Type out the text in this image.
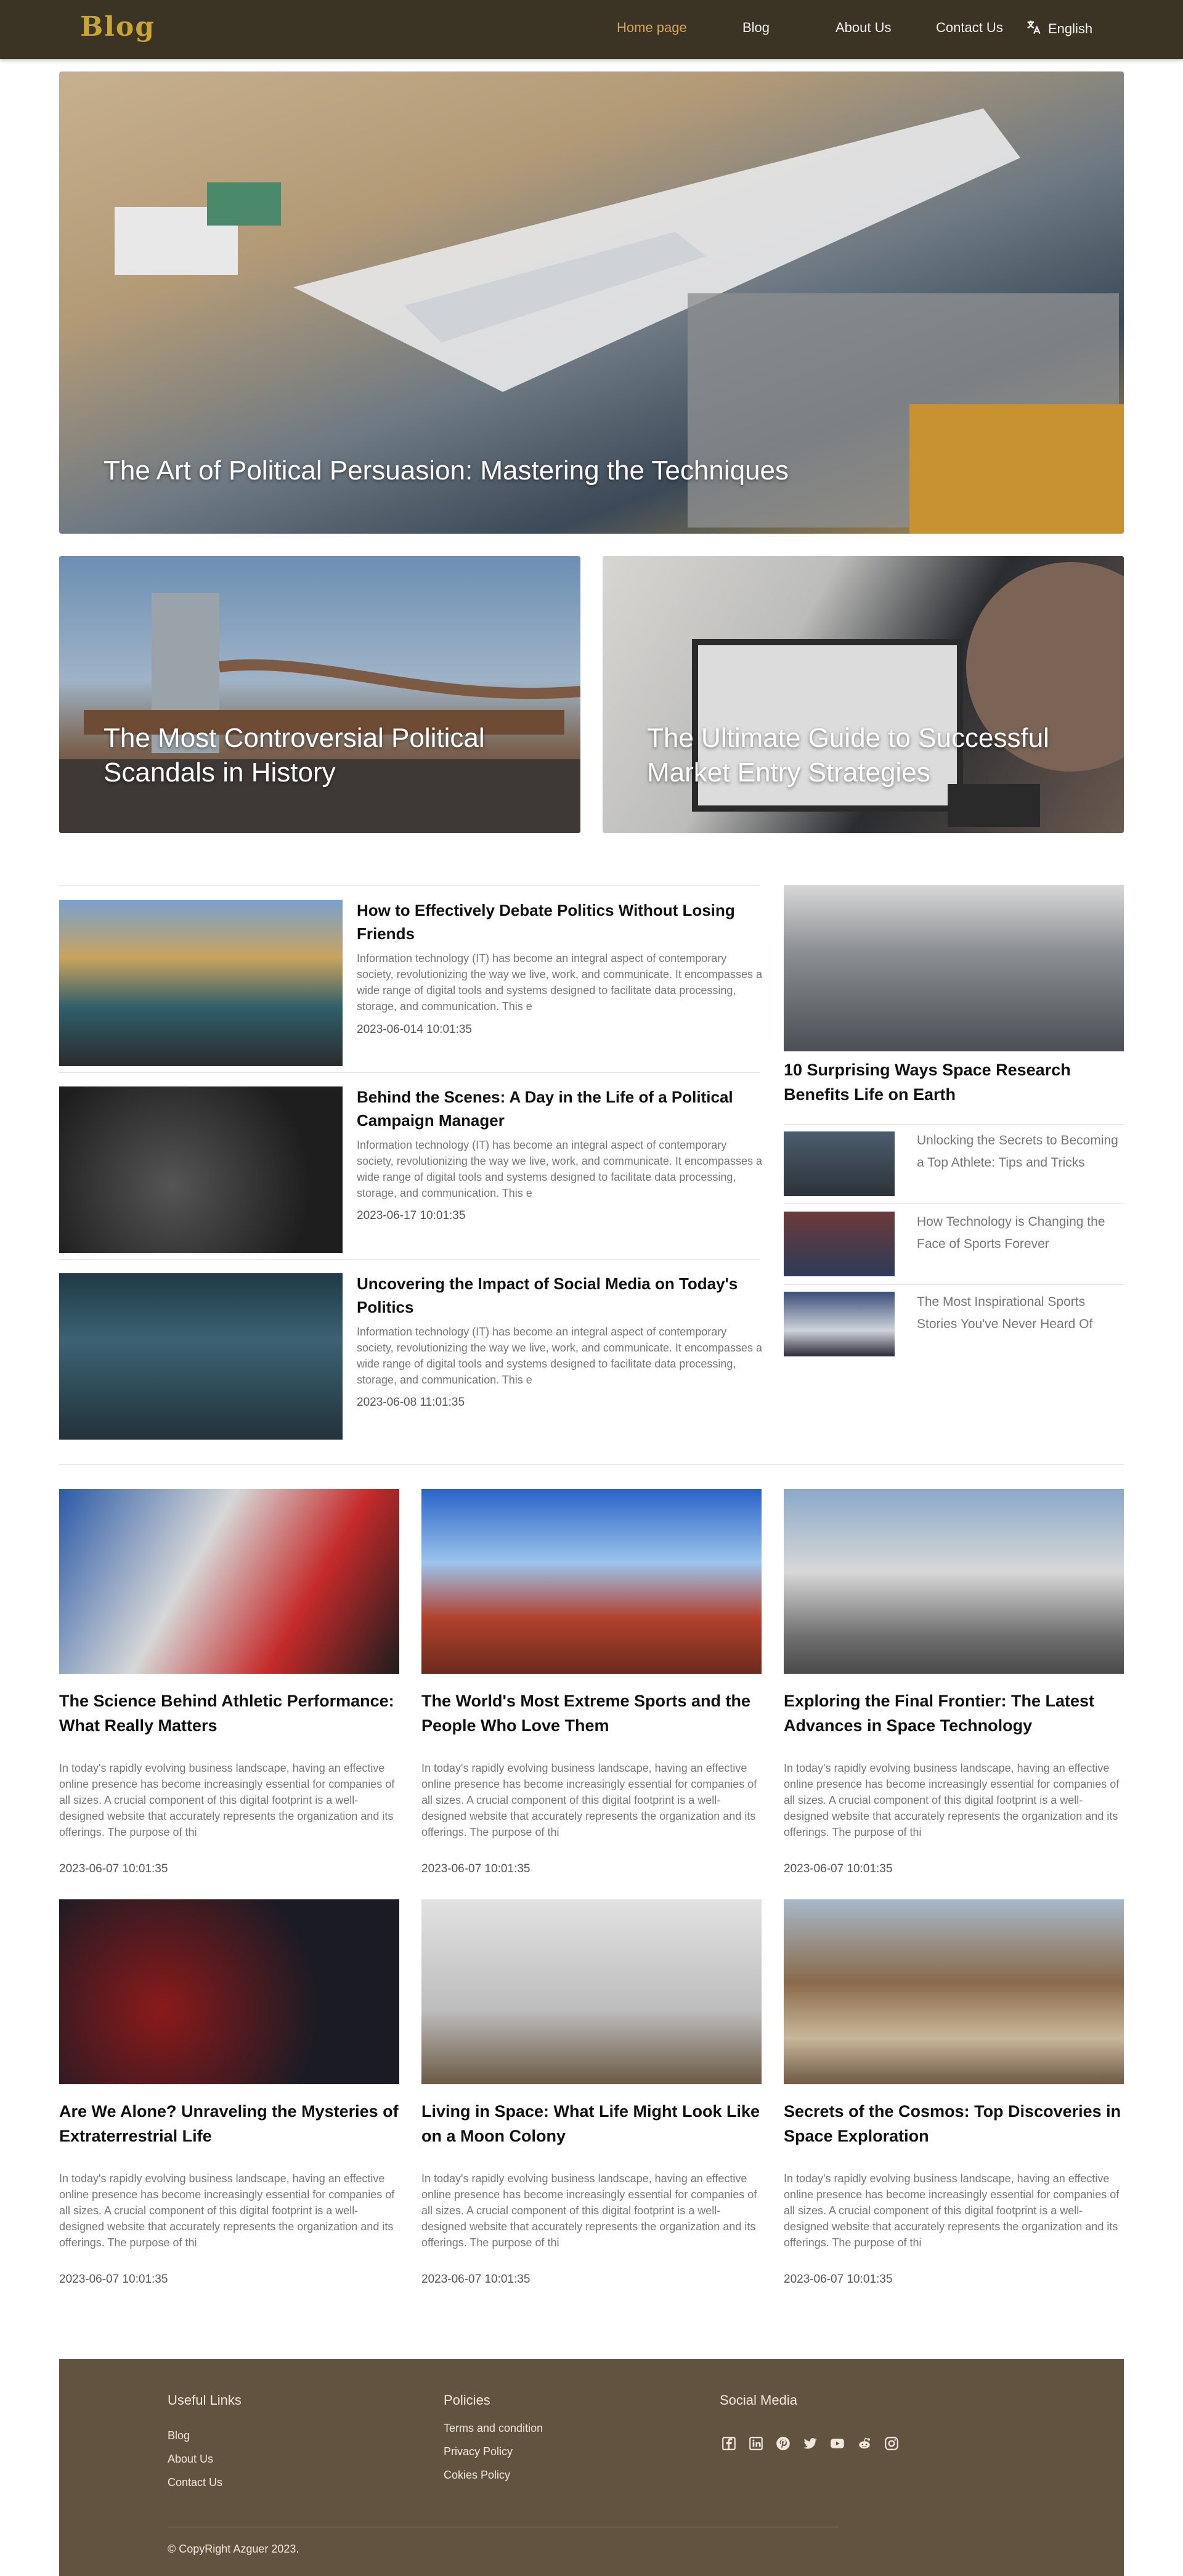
Blog	Home page	Blog	About Us	Contact Us	English
The Art of Political Persuasion: Mastering the Techniques
The Most Controversial Political Scandals in History
The Ultimate Guide to Successful Market Entry Strategies
How to Effectively Debate Politics Without Losing Friends
Information technology (IT) has become an integral aspect of contemporary society, revolutionizing the way we live, work, and communicate. It encompasses a wide range of digital tools and systems designed to facilitate data processing, storage, and communication. This e
2023-06-014 10:01:35
Behind the Scenes: A Day in the Life of a Political Campaign Manager
Information technology (IT) has become an integral aspect of contemporary society, revolutionizing the way we live, work, and communicate. It encompasses a wide range of digital tools and systems designed to facilitate data processing, storage, and communication. This e
2023-06-17 10:01:35
Uncovering the Impact of Social Media on Today's Politics
Information technology (IT) has become an integral aspect of contemporary society, revolutionizing the way we live, work, and communicate. It encompasses a wide range of digital tools and systems designed to facilitate data processing, storage, and communication. This e
2023-06-08 11:01:35
10 Surprising Ways Space Research Benefits Life on Earth
Unlocking the Secrets to Becoming a Top Athlete: Tips and Tricks
How Technology is Changing the Face of Sports Forever
The Most Inspirational Sports Stories You've Never Heard Of
The Science Behind Athletic Performance: What Really Matters
In today's rapidly evolving business landscape, having an effective online presence has become increasingly essential for companies of all sizes. A crucial component of this digital footprint is a well-designed website that accurately represents the organization and its offerings. The purpose of thi
2023-06-07 10:01:35
The World's Most Extreme Sports and the People Who Love Them
In today's rapidly evolving business landscape, having an effective online presence has become increasingly essential for companies of all sizes. A crucial component of this digital footprint is a well-designed website that accurately represents the organization and its offerings. The purpose of thi
2023-06-07 10:01:35
Exploring the Final Frontier: The Latest Advances in Space Technology
In today's rapidly evolving business landscape, having an effective online presence has become increasingly essential for companies of all sizes. A crucial component of this digital footprint is a well-designed website that accurately represents the organization and its offerings. The purpose of thi
2023-06-07 10:01:35
Are We Alone? Unraveling the Mysteries of Extraterrestrial Life
In today's rapidly evolving business landscape, having an effective online presence has become increasingly essential for companies of all sizes. A crucial component of this digital footprint is a well-designed website that accurately represents the organization and its offerings. The purpose of thi
2023-06-07 10:01:35
Living in Space: What Life Might Look Like on a Moon Colony
In today's rapidly evolving business landscape, having an effective online presence has become increasingly essential for companies of all sizes. A crucial component of this digital footprint is a well-designed website that accurately represents the organization and its offerings. The purpose of thi
2023-06-07 10:01:35
Secrets of the Cosmos: Top Discoveries in Space Exploration
In today's rapidly evolving business landscape, having an effective online presence has become increasingly essential for companies of all sizes. A crucial component of this digital footprint is a well-designed website that accurately represents the organization and its offerings. The purpose of thi
2023-06-07 10:01:35
Useful Links
Blog
About Us
Contact Us
Policies
Terms and condition
Privacy Policy
Cokies Policy
Social Media
© CopyRight Azguer 2023.
